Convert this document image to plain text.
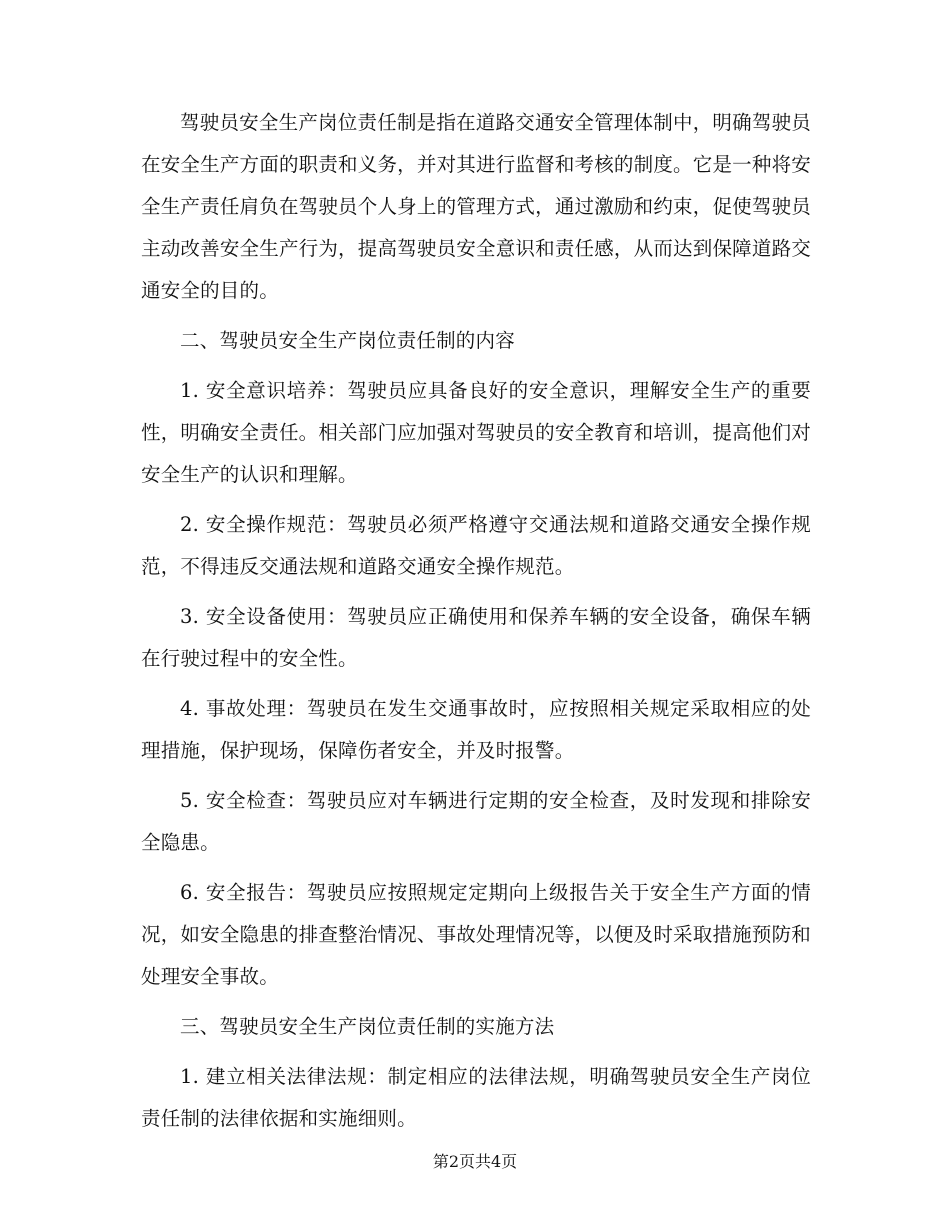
驾驶员安全生产岗位责任制是指在道路交通安全管理体制中，明确驾驶员在安全生产方面的职责和义务，并对其进行监督和考核的制度。它是一种将安全生产责任肩负在驾驶员个人身上的管理方式，通过激励和约束，促使驾驶员主动改善安全生产行为，提高驾驶员安全意识和责任感，从而达到保障道路交通安全的目的。

二、驾驶员安全生产岗位责任制的内容

1. 安全意识培养：驾驶员应具备良好的安全意识，理解安全生产的重要性，明确安全责任。相关部门应加强对驾驶员的安全教育和培训，提高他们对安全生产的认识和理解。

2. 安全操作规范：驾驶员必须严格遵守交通法规和道路交通安全操作规范，不得违反交通法规和道路交通安全操作规范。

3. 安全设备使用：驾驶员应正确使用和保养车辆的安全设备，确保车辆在行驶过程中的安全性。

4. 事故处理：驾驶员在发生交通事故时，应按照相关规定采取相应的处理措施，保护现场，保障伤者安全，并及时报警。

5. 安全检查：驾驶员应对车辆进行定期的安全检查，及时发现和排除安全隐患。

6. 安全报告：驾驶员应按照规定定期向上级报告关于安全生产方面的情况，如安全隐患的排查整治情况、事故处理情况等，以便及时采取措施预防和处理安全事故。

三、驾驶员安全生产岗位责任制的实施方法

1. 建立相关法律法规：制定相应的法律法规，明确驾驶员安全生产岗位责任制的法律依据和实施细则。

第2页共4页
